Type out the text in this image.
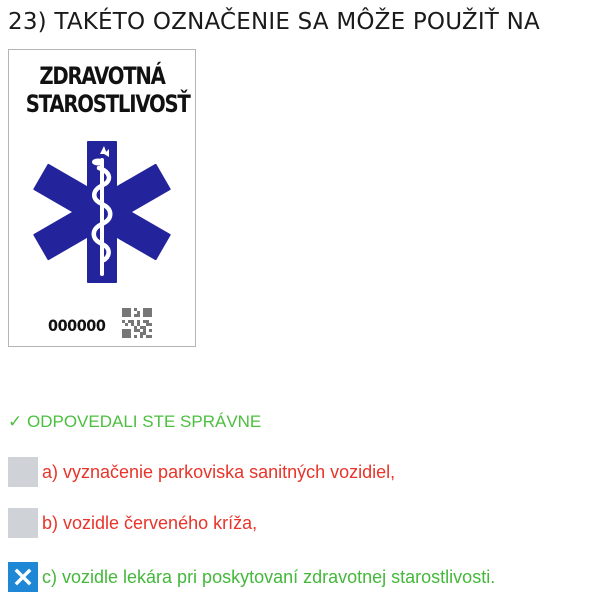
23) TAKÉTO OZNAČENIE SA MÔŽE POUŽIŤ NA
ZDRAVOTNÁ
STAROSTLIVOSŤ
000000
✓ ODPOVEDALI STE SPRÁVNE
a) vyznačenie parkoviska sanitných vozidiel,
b) vozidle červeného kríža,
c) vozidle lekára pri poskytovaní zdravotnej starostlivosti.
